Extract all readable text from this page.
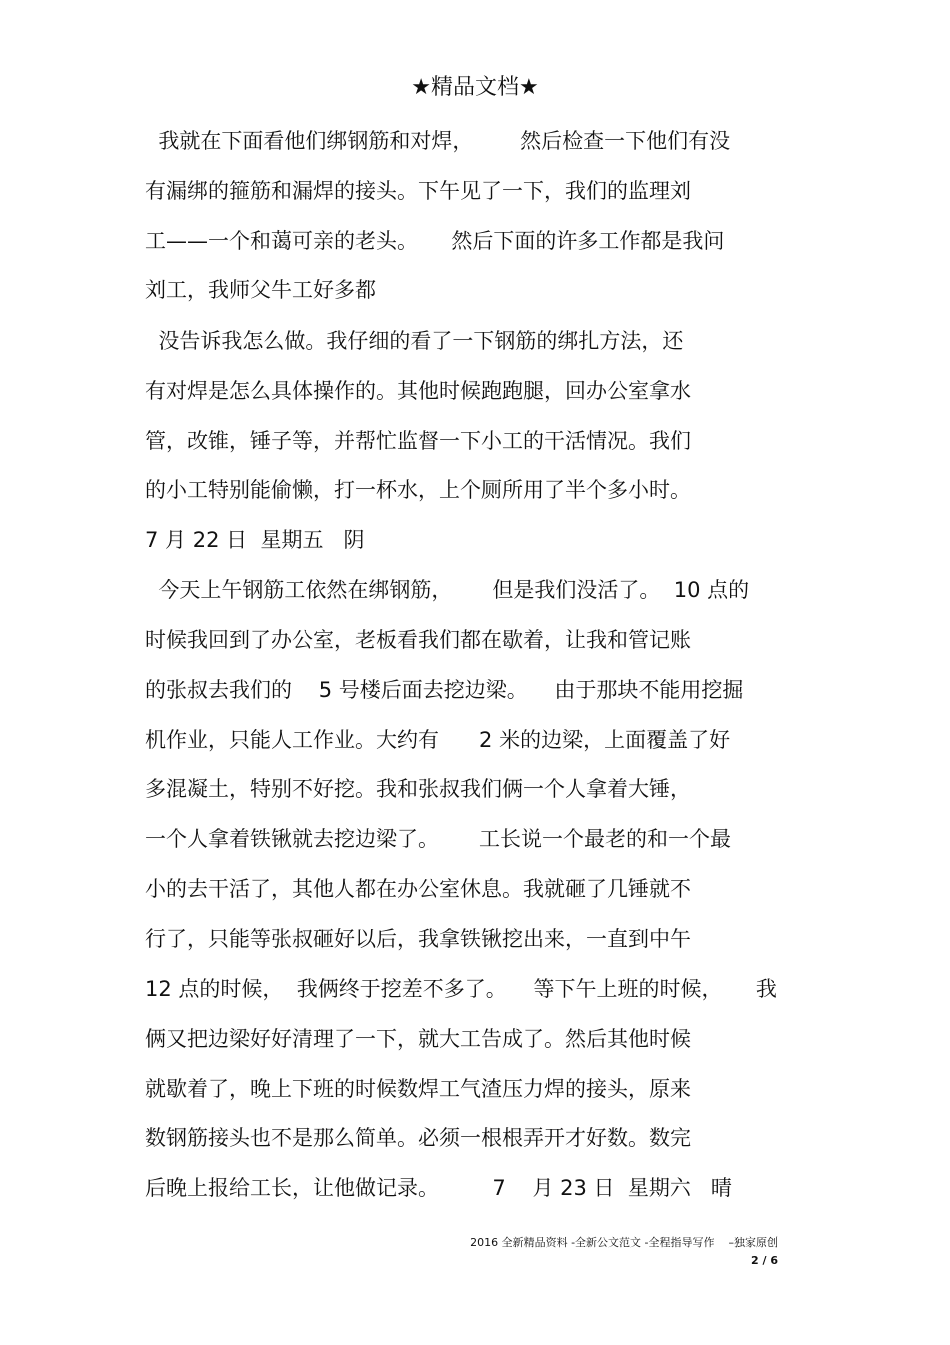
★精品文档★
我就在下面看他们绑钢筋和对焊，       然后检查一下他们有没
有漏绑的箍筋和漏焊的接头。下午见了一下，我们的监理刘
工——一个和蔼可亲的老头。     然后下面的许多工作都是我问
刘工，我师父牛工好多都
没告诉我怎么做。我仔细的看了一下钢筋的绑扎方法，还
有对焊是怎么具体操作的。其他时候跑跑腿，回办公室拿水
管，改锥，锤子等，并帮忙监督一下小工的干活情况。我们
的小工特别能偷懒，打一杯水，上个厕所用了半个多小时。
7 月 22 日  星期五   阴
今天上午钢筋工依然在绑钢筋，      但是我们没活了。  10 点的
时候我回到了办公室，老板看我们都在歇着，让我和管记账
的张叔去我们的    5 号楼后面去挖边梁。    由于那块不能用挖掘
机作业，只能人工作业。大约有      2 米的边梁，上面覆盖了好
多混凝土，特别不好挖。我和张叔我们俩一个人拿着大锤，
一个人拿着铁锹就去挖边梁了。      工长说一个最老的和一个最
小的去干活了，其他人都在办公室休息。我就砸了几锤就不
行了，只能等张叔砸好以后，我拿铁锹挖出来，一直到中午
12 点的时候，  我俩终于挖差不多了。    等下午上班的时候，     我
俩又把边梁好好清理了一下，就大工告成了。然后其他时候
就歇着了，晚上下班的时候数焊工气渣压力焊的接头，原来
数钢筋接头也不是那么简单。必须一根根弄开才好数。数完
后晚上报给工长，让他做记录。        7    月 23 日  星期六   晴
2016 全新精品资料 -全新公文范文 -全程指导写作    –独家原创
2 / 6
